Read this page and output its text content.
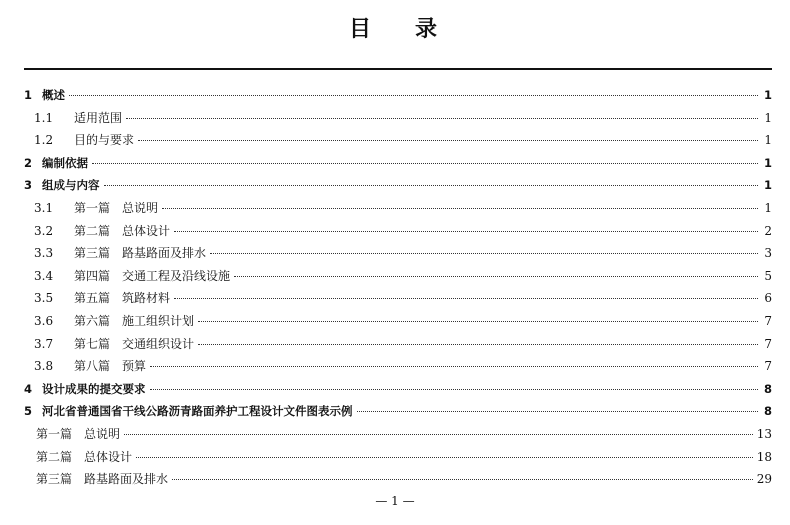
目 录
1 概述	1
1.1	适用范围	1
1.2	目的与要求	1
2 编制依据	1
3 组成与内容	1
3.1	第一篇　总说明	1
3.2	第二篇　总体设计	2
3.3	第三篇　路基路面及排水	3
3.4	第四篇　交通工程及沿线设施	5
3.5	第五篇　筑路材料	6
3.6	第六篇　施工组织计划	7
3.7	第七篇　交通组织设计	7
3.8	第八篇　预算	7
4 设计成果的提交要求	8
5 河北省普通国省干线公路沥青路面养护工程设计文件图表示例	8
第一篇　总说明	13
第二篇　总体设计	18
第三篇　路基路面及排水	29
— 1 —
